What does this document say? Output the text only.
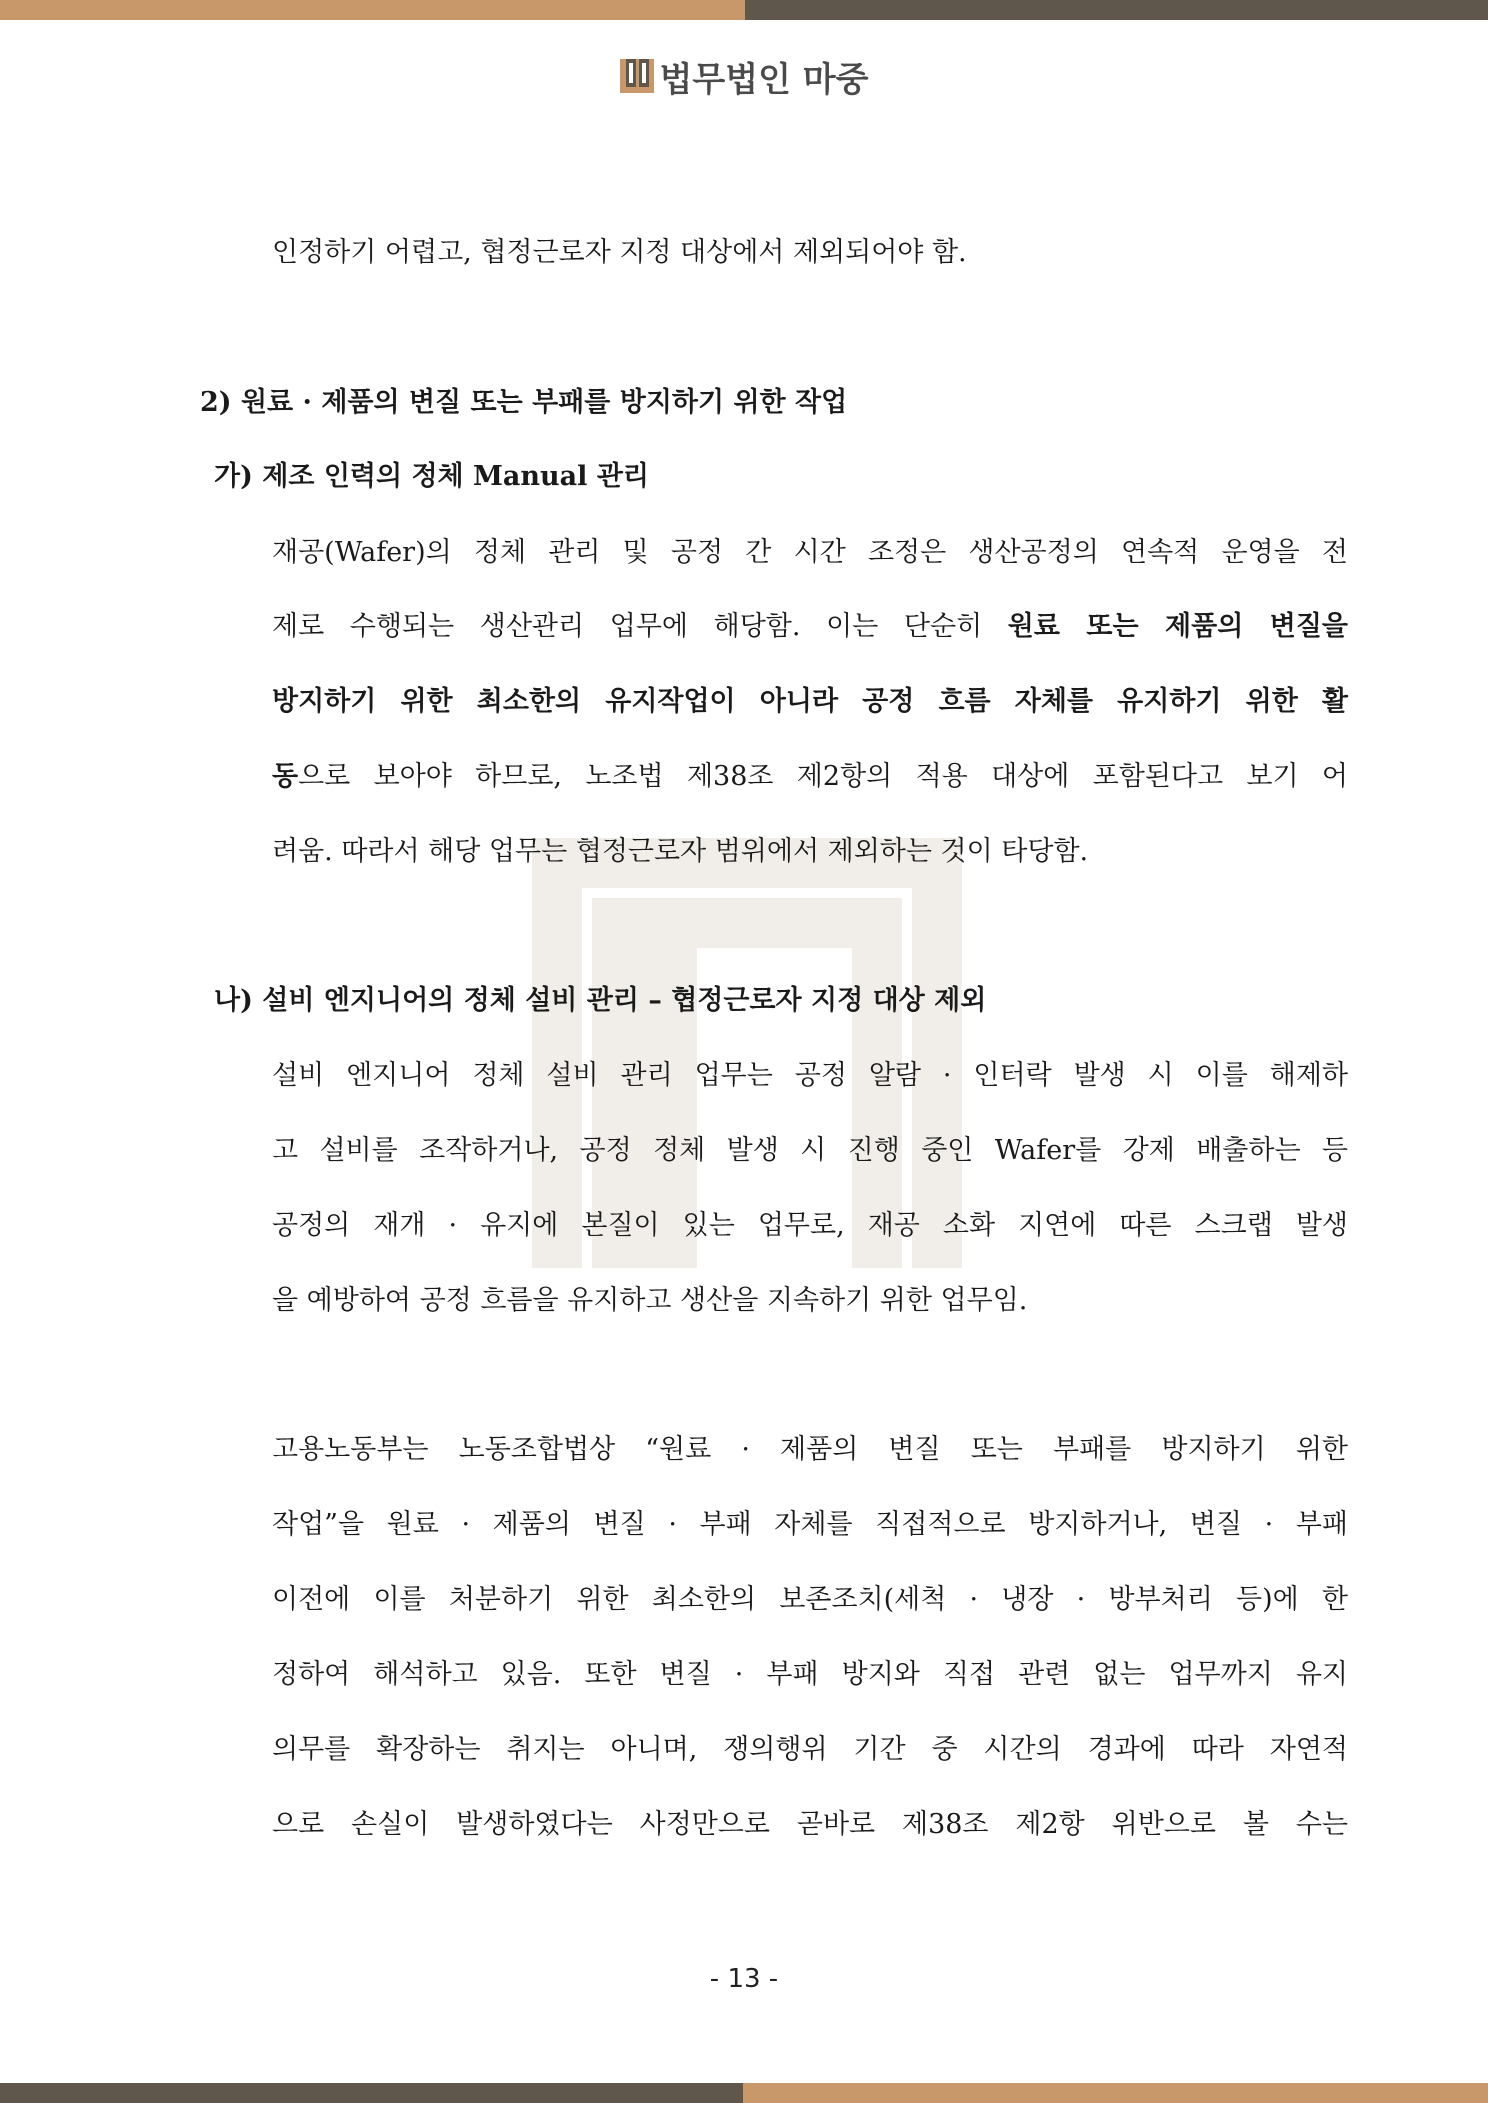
법무법인 마중
인정하기 어렵고, 협정근로자 지정 대상에서 제외되어야 함.
2) 원료 · 제품의 변질 또는 부패를 방지하기 위한 작업
가) 제조 인력의 정체 Manual 관리
재공(Wafer)의 정체 관리 및 공정 간 시간 조정은 생산공정의 연속적 운영을 전
제로 수행되는 생산관리 업무에 해당함. 이는 단순히 원료 또는 제품의 변질을
방지하기 위한 최소한의 유지작업이 아니라 공정 흐름 자체를 유지하기 위한 활
동으로 보아야 하므로, 노조법 제38조 제2항의 적용 대상에 포함된다고 보기 어
려움. 따라서 해당 업무는 협정근로자 범위에서 제외하는 것이 타당함.
나) 설비 엔지니어의 정체 설비 관리 – 협정근로자 지정 대상 제외
설비 엔지니어 정체 설비 관리 업무는 공정 알람 · 인터락 발생 시 이를 해제하
고 설비를 조작하거나, 공정 정체 발생 시 진행 중인 Wafer를 강제 배출하는 등
공정의 재개 · 유지에 본질이 있는 업무로, 재공 소화 지연에 따른 스크랩 발생
을 예방하여 공정 흐름을 유지하고 생산을 지속하기 위한 업무임.
고용노동부는 노동조합법상 “원료 · 제품의 변질 또는 부패를 방지하기 위한
작업”을 원료 · 제품의 변질 · 부패 자체를 직접적으로 방지하거나, 변질 · 부패
이전에 이를 처분하기 위한 최소한의 보존조치(세척 · 냉장 · 방부처리 등)에 한
정하여 해석하고 있음. 또한 변질 · 부패 방지와 직접 관련 없는 업무까지 유지
의무를 확장하는 취지는 아니며, 쟁의행위 기간 중 시간의 경과에 따라 자연적
으로 손실이 발생하였다는 사정만으로 곧바로 제38조 제2항 위반으로 볼 수는
- 13 -
